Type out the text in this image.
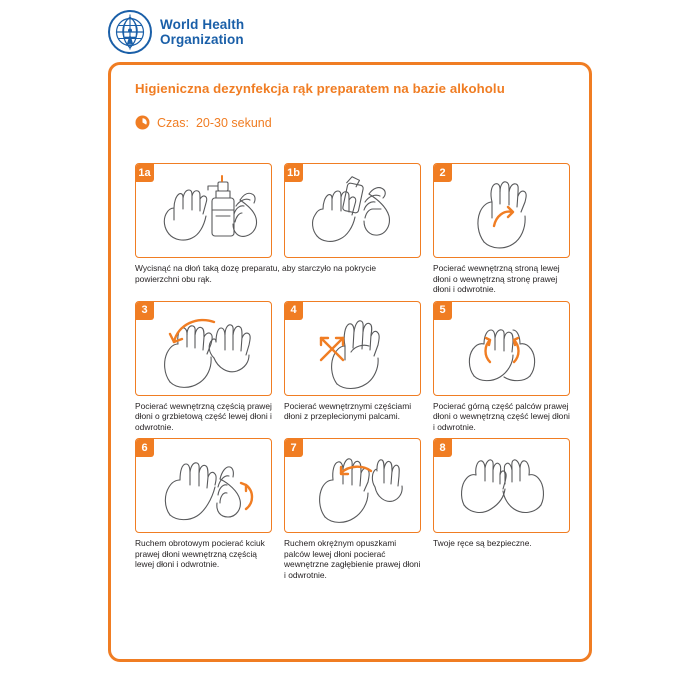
World Health
Organization
Higieniczna dezynfekcja rąk preparatem na bazie alkoholu
Czas: 20-30 sekund
1a	1b
Wycisnąć na dłoń taką dozę preparatu, aby starczyło na pokrycie powierzchni obu rąk.
2
Pocierać wewnętrzną stroną lewej dłoni o wewnętrzną stronę prawej dłoni i odwrotnie.
3
Pocierać wewnętrzną częścią prawej dłoni o grzbietową część lewej dłoni i odwrotnie.
4
Pocierać wewnętrznymi częściami dłoni z przeplecionymi palcami.
5
Pocierać górną część palców prawej dłoni o wewnętrzną część lewej dłoni i odwrotnie.
6
Ruchem obrotowym pocierać kciuk prawej dłoni wewnętrzną częścią lewej dłoni i odwrotnie.
7
Ruchem okrężnym opuszkami palców lewej dłoni pocierać wewnętrzne zagłębienie prawej dłoni i odwrotnie.
8
Twoje ręce są bezpieczne.
